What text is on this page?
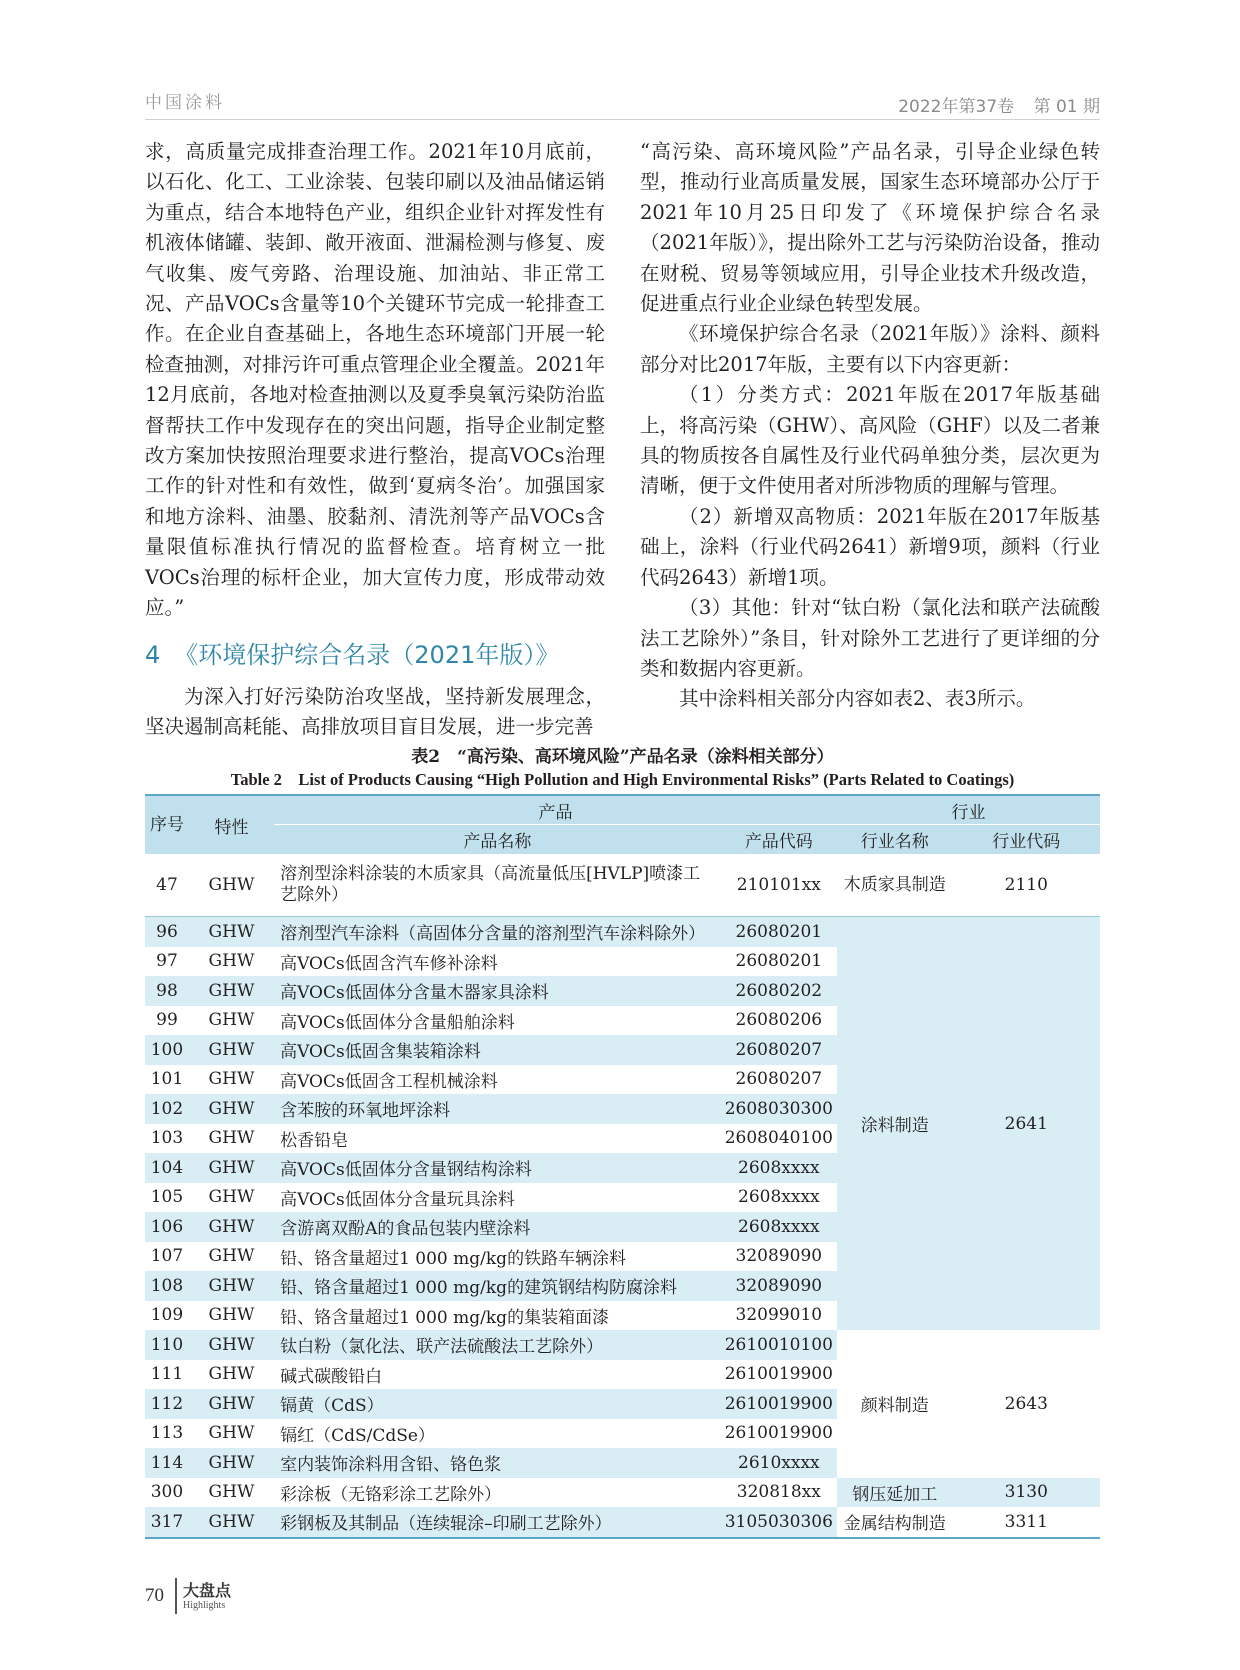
中国涂料	2022年第37卷 第 01 期

求，高质量完成排查治理工作。2021年10月底前，以石化、化工、工业涂装、包装印刷以及油品储运销为重点，结合本地特色产业，组织企业针对挥发性有机液体储罐、装卸、敞开液面、泄漏检测与修复、废气收集、废气旁路、治理设施、加油站、非正常工况、产品VOCs含量等10个关键环节完成一轮排查工作。在企业自查基础上，各地生态环境部门开展一轮检查抽测，对排污许可重点管理企业全覆盖。2021年12月底前，各地对检查抽测以及夏季臭氧污染防治监督帮扶工作中发现存在的突出问题，指导企业制定整改方案加快按照治理要求进行整治，提高VOCs治理工作的针对性和有效性，做到‘夏病冬治’。加强国家和地方涂料、油墨、胶黏剂、清洗剂等产品VOCs含量限值标准执行情况的监督检查。培育树立一批VOCs治理的标杆企业，加大宣传力度，形成带动效应。”

4 《环境保护综合名录（2021年版）》

为深入打好污染防治攻坚战，坚持新发展理念，坚决遏制高耗能、高排放项目盲目发展，进一步完善

“高污染、高环境风险”产品名录，引导企业绿色转型，推动行业高质量发展，国家生态环境部办公厅于2021年10月25日印发了《环境保护综合名录（2021年版）》，提出除外工艺与污染防治设备，推动在财税、贸易等领域应用，引导企业技术升级改造，促进重点行业企业绿色转型发展。

《环境保护综合名录（2021年版）》涂料、颜料部分对比2017年版，主要有以下内容更新：

（1）分类方式：2021年版在2017年版基础上，将高污染（GHW）、高风险（GHF）以及二者兼具的物质按各自属性及行业代码单独分类，层次更为清晰，便于文件使用者对所涉物质的理解与管理。

（2）新增双高物质：2021年版在2017年版基础上，涂料（行业代码2641）新增9项，颜料（行业代码2643）新增1项。

（3）其他：针对“钛白粉（氯化法和联产法硫酸法工艺除外）”条目，针对除外工艺进行了更详细的分类和数据内容更新。

其中涂料相关部分内容如表2、表3所示。

表2　“高污染、高环境风险”产品名录（涂料相关部分）
Table 2　List of Products Causing “High Pollution and High Environmental Risks” (Parts Related to Coatings)
序号	特性	产品		行业	
		产品名称	产品代码	行业名称	行业代码
47	GHW	溶剂型涂料涂装的木质家具（高流量低压[HVLP]喷漆工艺除外）	210101xx	木质家具制造	2110
96	GHW	溶剂型汽车涂料（高固体分含量的溶剂型汽车涂料除外）	26080201	涂料制造	2641
97	GHW	高VOCs低固含汽车修补涂料	26080201		
98	GHW	高VOCs低固体分含量木器家具涂料	26080202		
99	GHW	高VOCs低固体分含量船舶涂料	26080206		
100	GHW	高VOCs低固含集装箱涂料	26080207		
101	GHW	高VOCs低固含工程机械涂料	26080207		
102	GHW	含苯胺的环氧地坪涂料	2608030300		
103	GHW	松香铅皂	2608040100		
104	GHW	高VOCs低固体分含量钢结构涂料	2608xxxx		
105	GHW	高VOCs低固体分含量玩具涂料	2608xxxx		
106	GHW	含游离双酚A的食品包装内壁涂料	2608xxxx		
107	GHW	铅、铬含量超过1 000 mg/kg的铁路车辆涂料	32089090		
108	GHW	铅、铬含量超过1 000 mg/kg的建筑钢结构防腐涂料	32089090		
109	GHW	铅、铬含量超过1 000 mg/kg的集装箱面漆	32099010		
110	GHW	钛白粉（氯化法、联产法硫酸法工艺除外）	2610010100	颜料制造	2643
111	GHW	碱式碳酸铅白	2610019900		
112	GHW	镉黄（CdS）	2610019900		
113	GHW	镉红（CdS/CdSe）	2610019900		
114	GHW	室内装饰涂料用含铅、铬色浆	2610xxxx		
300	GHW	彩涂板（无铬彩涂工艺除外）	320818xx	钢压延加工	3130
317	GHW	彩钢板及其制品（连续辊涂–印刷工艺除外）	3105030306	金属结构制造	3311
70 大盘点
Highlights
